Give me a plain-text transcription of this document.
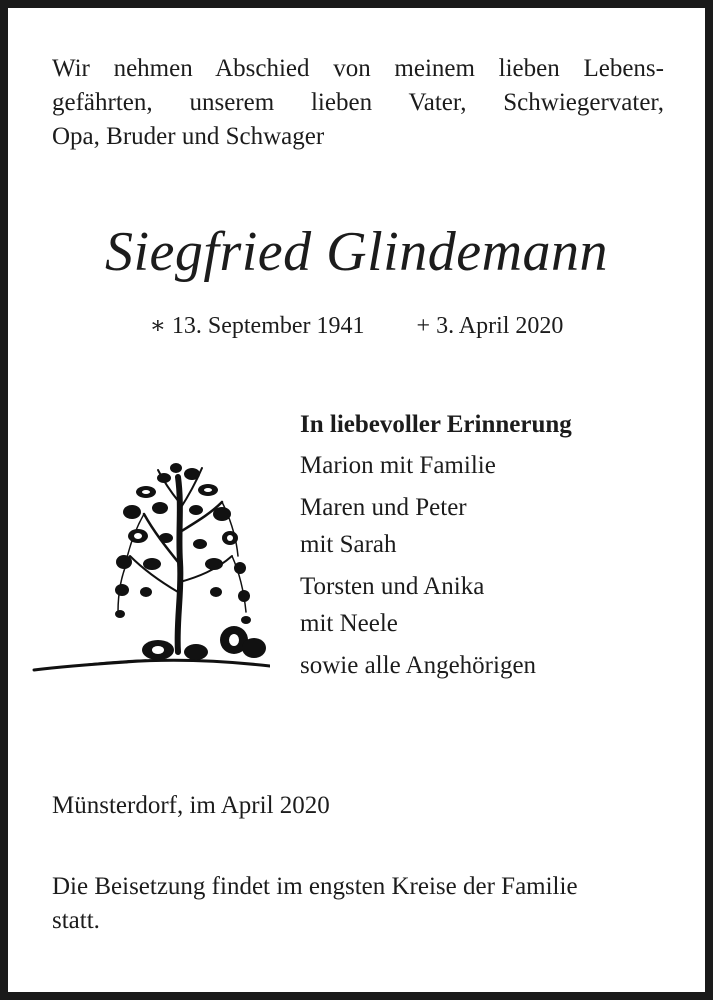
Wir nehmen Abschied von meinem lieben Lebens-
gefährten, unserem lieben Vater, Schwiegervater,
Opa, Bruder und Schwager
Siegfried Glindemann
∗ 13. September 1941 + 3. April 2020
In liebevoller Erinnerung
Marion mit Familie
Maren und Peter
mit Sarah
Torsten und Anika
mit Neele
sowie alle Angehörigen
Münsterdorf, im April 2020
Die Beisetzung findet im engsten Kreise der Familie
statt.
